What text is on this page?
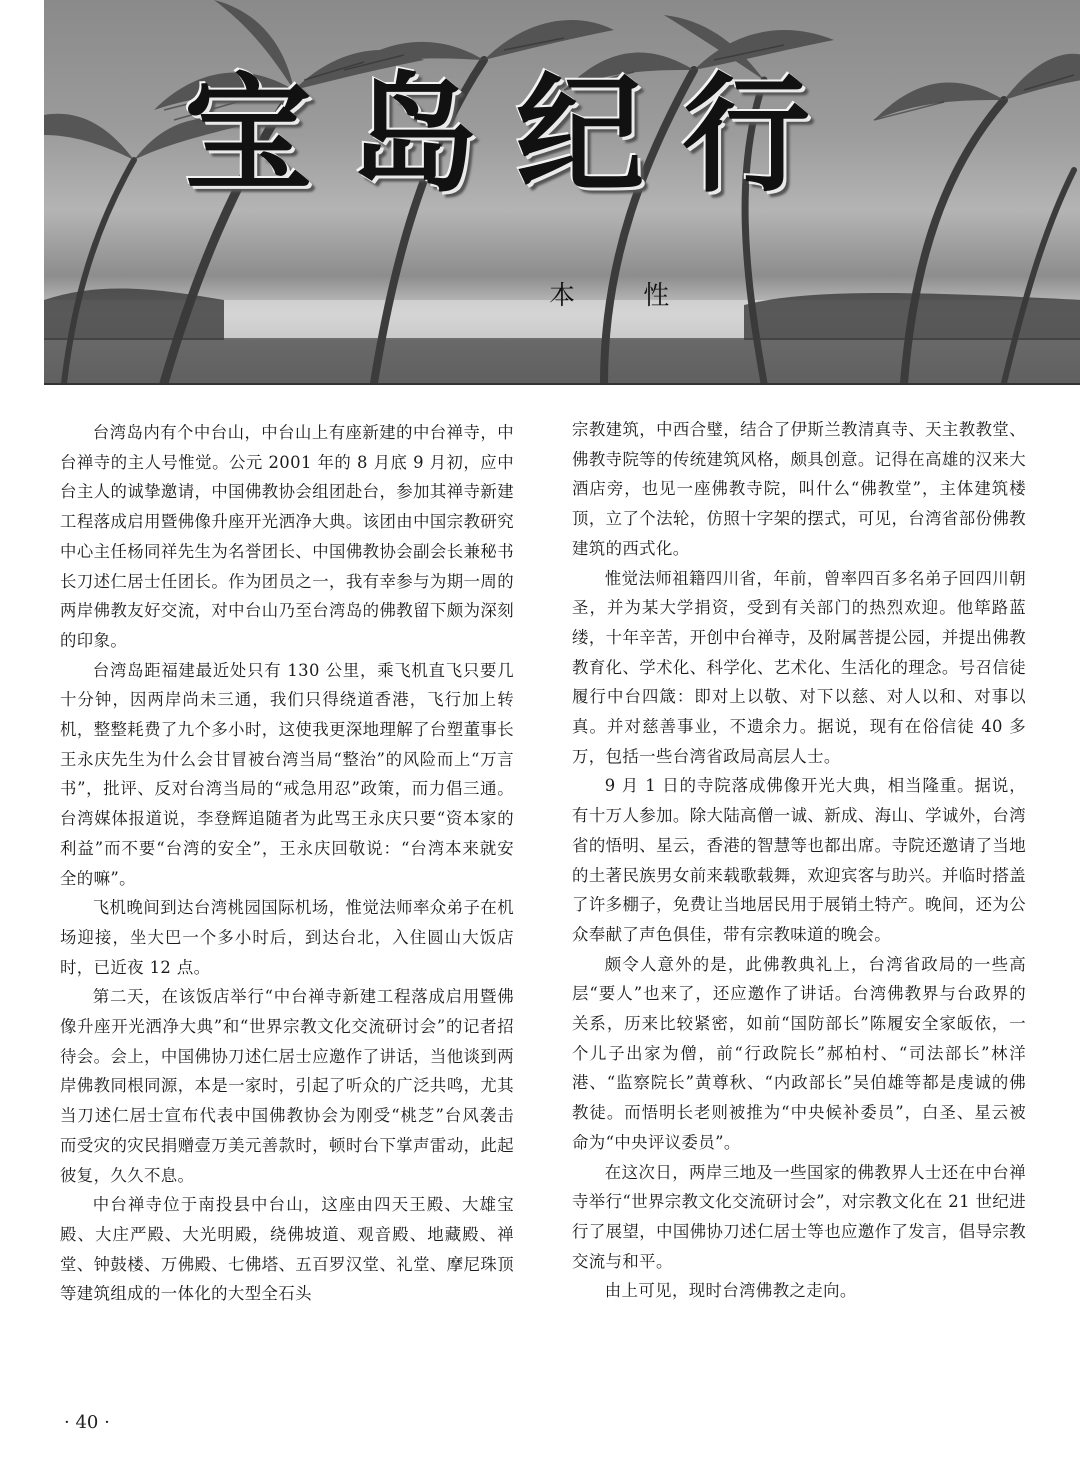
宝岛纪行
本 性

台湾岛内有个中台山，中台山上有座新建的中台禅寺，中台禅寺的主人号惟觉。公元 2001 年的 8 月底 9 月初，应中台主人的诚挚邀请，中国佛教协会组团赴台，参加其禅寺新建工程落成启用暨佛像升座开光洒净大典。该团由中国宗教研究中心主任杨同祥先生为名誉团长、中国佛教协会副会长兼秘书长刀述仁居士任团长。作为团员之一，我有幸参与为期一周的两岸佛教友好交流，对中台山乃至台湾岛的佛教留下颇为深刻的印象。

台湾岛距福建最近处只有 130 公里，乘飞机直飞只要几十分钟，因两岸尚未三通，我们只得绕道香港，飞行加上转机，整整耗费了九个多小时，这使我更深地理解了台塑董事长王永庆先生为什么会甘冒被台湾当局“整治”的风险而上“万言书”，批评、反对台湾当局的“戒急用忍”政策，而力倡三通。台湾媒体报道说，李登辉追随者为此骂王永庆只要“资本家的利益”而不要“台湾的安全”，王永庆回敬说：“台湾本来就安全的嘛”。

飞机晚间到达台湾桃园国际机场，惟觉法师率众弟子在机场迎接，坐大巴一个多小时后，到达台北，入住圆山大饭店时，已近夜 12 点。

第二天，在该饭店举行“中台禅寺新建工程落成启用暨佛像升座开光洒净大典”和“世界宗教文化交流研讨会”的记者招待会。会上，中国佛协刀述仁居士应邀作了讲话，当他谈到两岸佛教同根同源，本是一家时，引起了听众的广泛共鸣，尤其当刀述仁居士宣布代表中国佛教协会为刚受“桃芝”台风袭击而受灾的灾民捐赠壹万美元善款时，顿时台下掌声雷动，此起彼复，久久不息。

中台禅寺位于南投县中台山，这座由四天王殿、大雄宝殿、大庄严殿、大光明殿，绕佛坡道、观音殿、地藏殿、禅堂、钟鼓楼、万佛殿、七佛塔、五百罗汉堂、礼堂、摩尼珠顶等建筑组成的一体化的大型全石头

宗教建筑，中西合璧，结合了伊斯兰教清真寺、天主教教堂、佛教寺院等的传统建筑风格，颇具创意。记得在高雄的汉来大酒店旁，也见一座佛教寺院，叫什么“佛教堂”，主体建筑楼顶，立了个法轮，仿照十字架的摆式，可见，台湾省部份佛教建筑的西式化。

惟觉法师祖籍四川省，年前，曾率四百多名弟子回四川朝圣，并为某大学捐资，受到有关部门的热烈欢迎。他筚路蓝缕，十年辛苦，开创中台禅寺，及附属菩提公园，并提出佛教教育化、学术化、科学化、艺术化、生活化的理念。号召信徒履行中台四箴：即对上以敬、对下以慈、对人以和、对事以真。并对慈善事业，不遗余力。据说，现有在俗信徒 40 多万，包括一些台湾省政局高层人士。

9 月 1 日的寺院落成佛像开光大典，相当隆重。据说，有十万人参加。除大陆高僧一诚、新成、海山、学诚外，台湾省的悟明、星云，香港的智慧等也都出席。寺院还邀请了当地的土著民族男女前来载歌载舞，欢迎宾客与助兴。并临时搭盖了许多棚子，免费让当地居民用于展销土特产。晚间，还为公众奉献了声色俱佳，带有宗教味道的晚会。

颇令人意外的是，此佛教典礼上，台湾省政局的一些高层“要人”也来了，还应邀作了讲话。台湾佛教界与台政界的关系，历来比较紧密，如前“国防部长”陈履安全家皈依，一个儿子出家为僧，前“行政院长”郝柏村、“司法部长”林洋港、“监察院长”黄尊秋、“内政部长”吴伯雄等都是虔诚的佛教徒。而悟明长老则被推为“中央候补委员”，白圣、星云被命为“中央评议委员”。

在这次日，两岸三地及一些国家的佛教界人士还在中台禅寺举行“世界宗教文化交流研讨会”，对宗教文化在 21 世纪进行了展望，中国佛协刀述仁居士等也应邀作了发言，倡导宗教交流与和平。

由上可见，现时台湾佛教之走向。

· 40 ·
